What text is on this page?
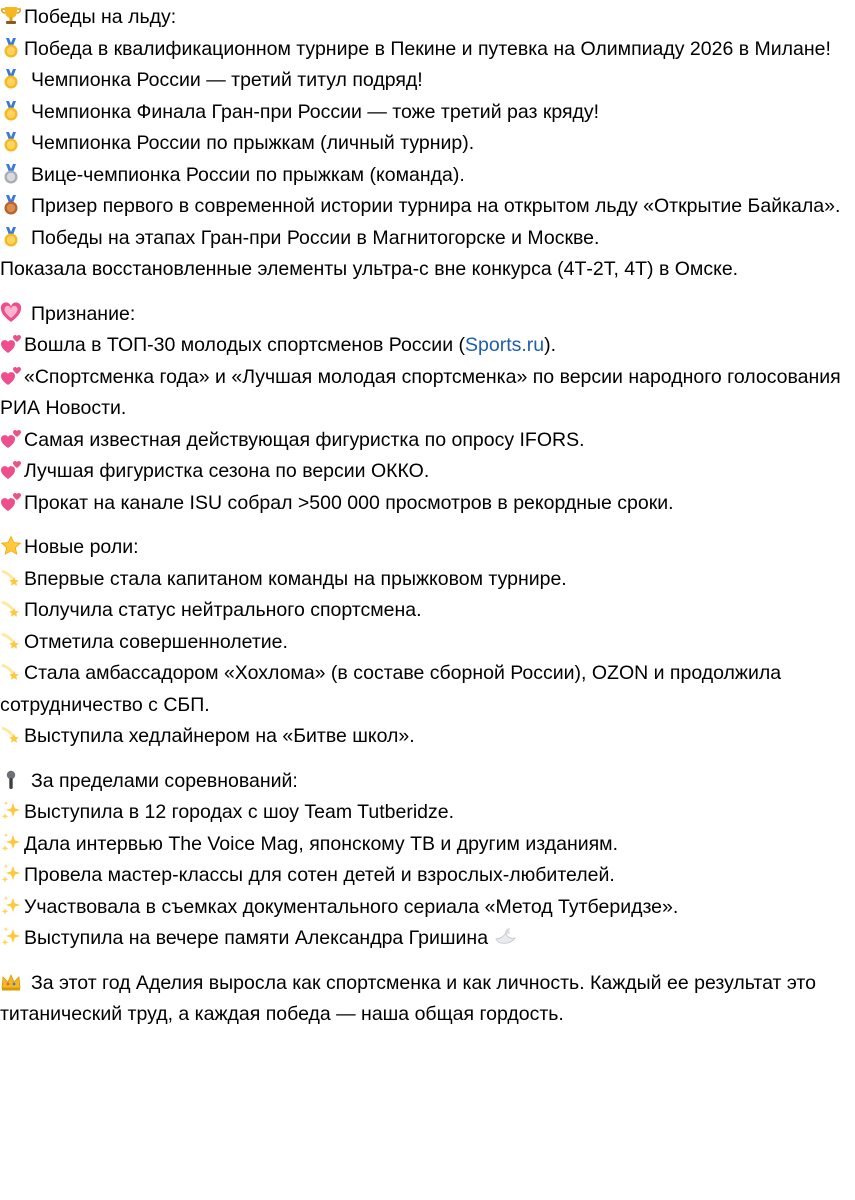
Победы на льду:
Победа в квалификационном турнире в Пекине и путевка на Олимпиаду 2026 в Милане!
Чемпионка России — третий титул подряд!
Чемпионка Финала Гран-при России — тоже третий раз кряду!
Чемпионка России по прыжкам (личный турнир).
Вице-чемпионка России по прыжкам (команда).
Призер первого в современной истории турнира на открытом льду «Открытие Байкала».
Победы на этапах Гран-при России в Магнитогорске и Москве.
Показала восстановленные элементы ультра-с вне конкурса (4Т-2Т, 4Т) в Омске.
Признание:
Вошла в ТОП-30 молодых спортсменов России (Sports.ru).
«Спортсменка года» и «Лучшая молодая спортсменка» по версии народного голосования РИА Новости.
Самая известная действующая фигуристка по опросу IFORS.
Лучшая фигуристка сезона по версии ОККО.
Прокат на канале ISU собрал >500 000 просмотров в рекордные сроки.
Новые роли:
Впервые стала капитаном команды на прыжковом турнире.
Получила статус нейтрального спортсмена.
Отметила совершеннолетие.
Стала амбассадором «Хохлома» (в составе сборной России), OZON и продолжила сотрудничество с СБП.
Выступила хедлайнером на «Битве школ».
За пределами соревнований:
Выступила в 12 городах с шоу Team Tutberidze.
Дала интервью The Voice Mag, японскому ТВ и другим изданиям.
Провела мастер-классы для сотен детей и взрослых-любителей.
Участвовала в съемках документального сериала «Метод Тутберидзе».
Выступила на вечере памяти Александра Гришина
За этот год Аделия выросла как спортсменка и как личность. Каждый ее результат это титанический труд, а каждая победа — наша общая гордость.
